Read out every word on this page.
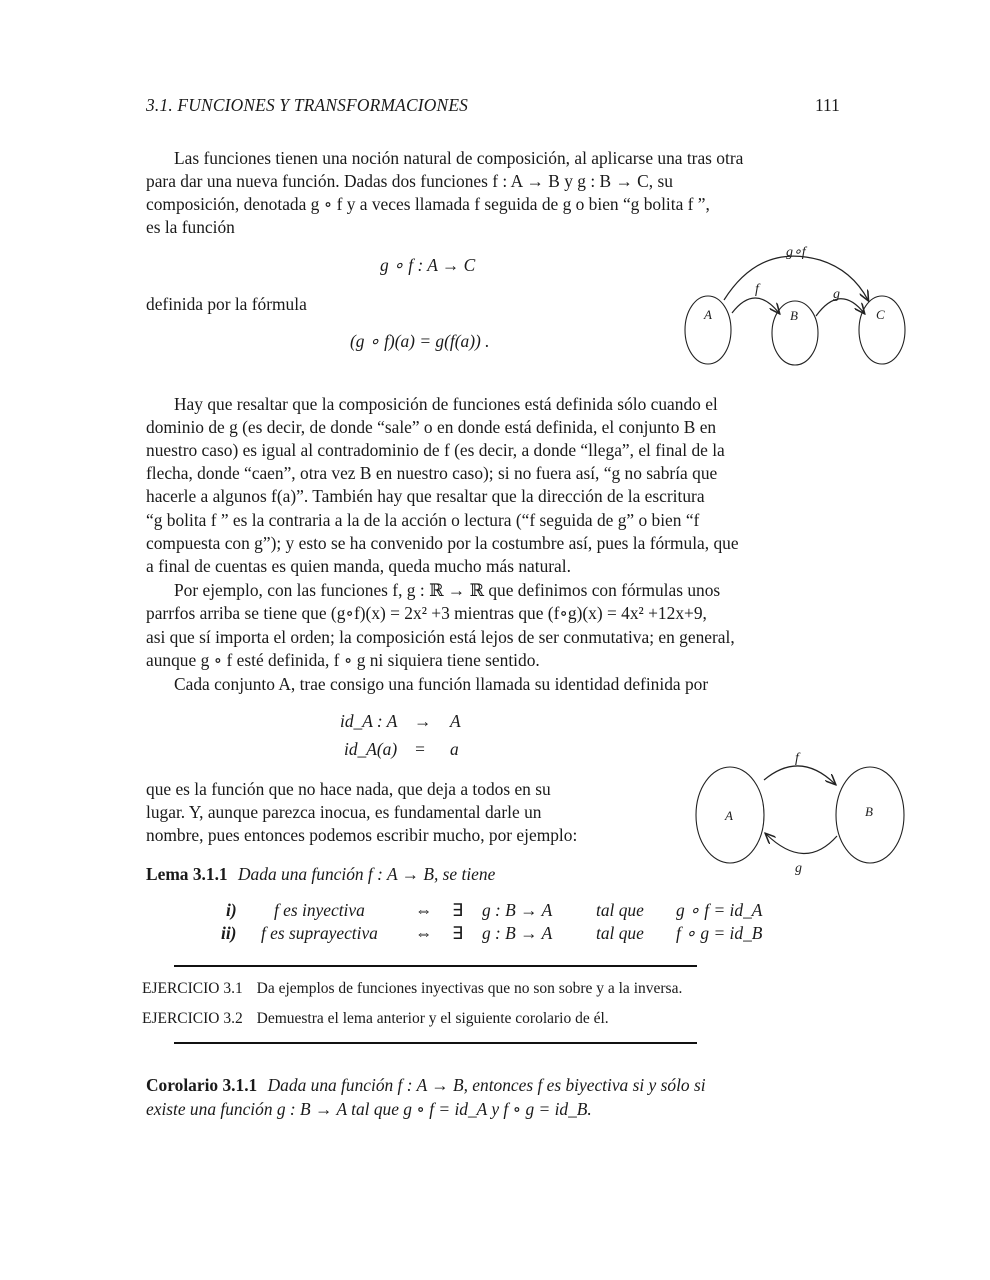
3.1. FUNCIONES Y TRANSFORMACIONES	111
Las funciones tienen una noción natural de composición, al aplicarse una tras otra
para dar una nueva función. Dadas dos funciones f : A → B y g : B → C, su
composición, denotada g ∘ f y a veces llamada f seguida de g o bien “g bolita f ”,
es la función
g ∘ f : A → C
definida por la fórmula
(g ∘ f)(a) = g(f(a)) .
A	B	C
f	g
g∘f
Hay que resaltar que la composición de funciones está definida sólo cuando el
dominio de g (es decir, de donde “sale” o en donde está definida, el conjunto B en
nuestro caso) es igual al contradominio de f (es decir, a donde “llega”, el final de la
flecha, donde “caen”, otra vez B en nuestro caso); si no fuera así, “g no sabría que
hacerle a algunos f(a)”. También hay que resaltar que la dirección de la escritura
“g bolita f ” es la contraria a la de la acción o lectura (“f seguida de g” o bien “f
compuesta con g”); y esto se ha convenido por la costumbre así, pues la fórmula, que
a final de cuentas es quien manda, queda mucho más natural.
Por ejemplo, con las funciones f, g : ℝ → ℝ que definimos con fórmulas unos
parrfos arriba se tiene que (g∘f)(x) = 2x² +3 mientras que (f∘g)(x) = 4x² +12x+9,
asi que sí importa el orden; la composición está lejos de ser conmutativa; en general,
aunque g ∘ f esté definida, f ∘ g ni siquiera tiene sentido.
Cada conjunto A, trae consigo una función llamada su identidad definida por
id_A : A → A
id_A(a) = a
que es la función que no hace nada, que deja a todos en su
lugar. Y, aunque parezca inocua, es fundamental darle un
nombre, pues entonces podemos escribir mucho, por ejemplo:
A	B
f
g
Lema 3.1.1 Dada una función f : A → B, se tiene
i) f es inyectiva	⇔ ∃ g : B → A	tal que g ∘ f = id_A
ii) f es suprayectiva ⇔ ∃ g : B → A	tal que f ∘ g = id_B
EJERCICIO 3.1 Da ejemplos de funciones inyectivas que no son sobre y a la inversa.
EJERCICIO 3.2 Demuestra el lema anterior y el siguiente corolario de él.
Corolario 3.1.1 Dada una función f : A → B, entonces f es biyectiva si y sólo si
existe una función g : B → A tal que g ∘ f = id_A y f ∘ g = id_B.
